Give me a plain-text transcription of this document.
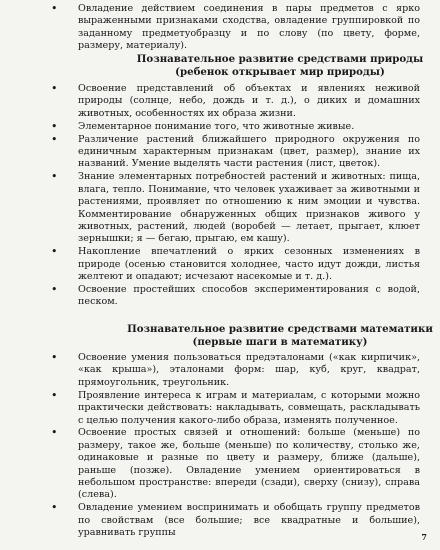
• Овладение действием соединения в пары предметов с ярко выраженными признаками сходства, овладение группировкой по заданному предметуобразцу и по слову (по цвету, форме, размеру, материалу).
Познавательное развитие средствами природы
(ребенок открывает мир природы)
• Освоение представлений об объектах и явлениях неживой природы (солнце, небо, дождь и т. д.), о диких и домашних животных, особенностях их образа жизни.
• Элементарное понимание того, что животные живые.
• Различение растений ближайшего природного окружения по единичным характерным признакам (цвет, размер), знание их названий. Умение выделять части растения (лист, цветок).
• Знание элементарных потребностей растений и животных: пища, влага, тепло. Понимание, что человек ухаживает за животными и растениями, проявляет по отношению к ним эмоции и чувства. Комментирование обнаруженных общих признаков живого у животных, растений, людей (воробей — летает, прыгает, клюет зернышки; я — бегаю, прыгаю, ем кашу).
• Накопление впечатлений о ярких сезонных изменениях в природе (осенью становится холоднее, часто идут дожди, листья желтеют и опадают; исчезают насекомые и т. д.).
• Освоение простейших способов экспериментирования с водой, песком.
Познавательное развитие средствами математики
(первые шаги в математику)
• Освоение умения пользоваться предэталонами («как кирпичик», «как крыша»), эталонами форм: шар, куб, круг, квадрат, прямоугольник, треугольник.
• Проявление интереса к играм и материалам, с которыми можно практически действовать: накладывать, совмещать, раскладывать с целью получения какого-либо образа, изменять полученное.
• Освоение простых связей и отношений: больше (меньше) по размеру, такое же, больше (меньше) по количеству, столько же, одинаковые и разные по цвету и размеру, ближе (дальше), раньше (позже). Овладение умением ориентироваться в небольшом пространстве: впереди (сзади), сверху (снизу), справа (слева).
• Овладение умением воспринимать и обобщать группу предметов по свойствам (все большие; все квадратные и большие), уравнивать группы	7
